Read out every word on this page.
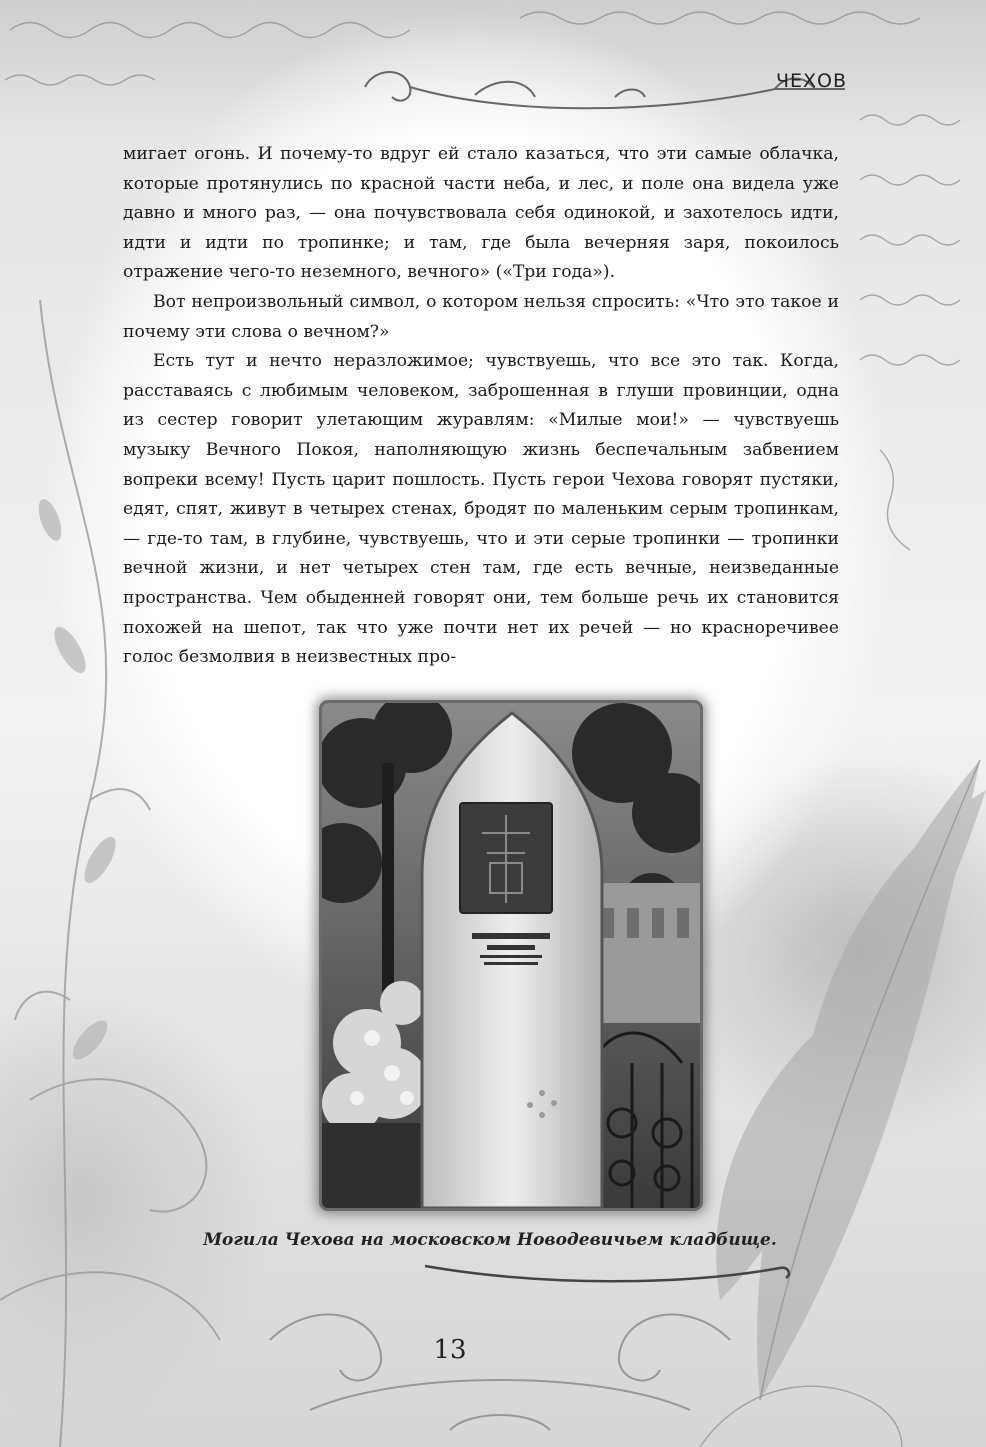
ЧЕХОВ

мигает огонь. И почему-то вдруг ей стало казаться, что эти самые облачка, которые протянулись по красной части неба, и лес, и поле она видела уже давно и много раз, — она почувствовала себя одинокой, и захотелось идти, идти и идти по тропинке; и там, где была вечерняя заря, покоилось отражение чего-то неземного, вечного» («Три года»).

Вот непроизвольный символ, о котором нельзя спросить: «Что это такое и почему эти слова о вечном?»

Есть тут и нечто неразложимое; чувствуешь, что все это так. Когда, расставаясь с любимым человеком, заброшенная в глуши провинции, одна из сестер говорит улетающим журавлям: «Милые мои!» — чувствуешь музыку Вечного Покоя, наполняющую жизнь беспечальным забвением вопреки всему! Пусть царит пошлость. Пусть герои Чехова говорят пустяки, едят, спят, живут в четырех стенах, бродят по маленьким серым тропинкам, — где-то там, в глубине, чувствуешь, что и эти серые тропинки — тропинки вечной жизни, и нет четырех стен там, где есть вечные, неизведанные пространства. Чем обыденней говорят они, тем больше речь их становится похожей на шепот, так что уже почти нет их речей — но красноречивее голос безмолвия в неизвестных про-

Могила Чехова на московском Новодевичьем кладбище.
13
